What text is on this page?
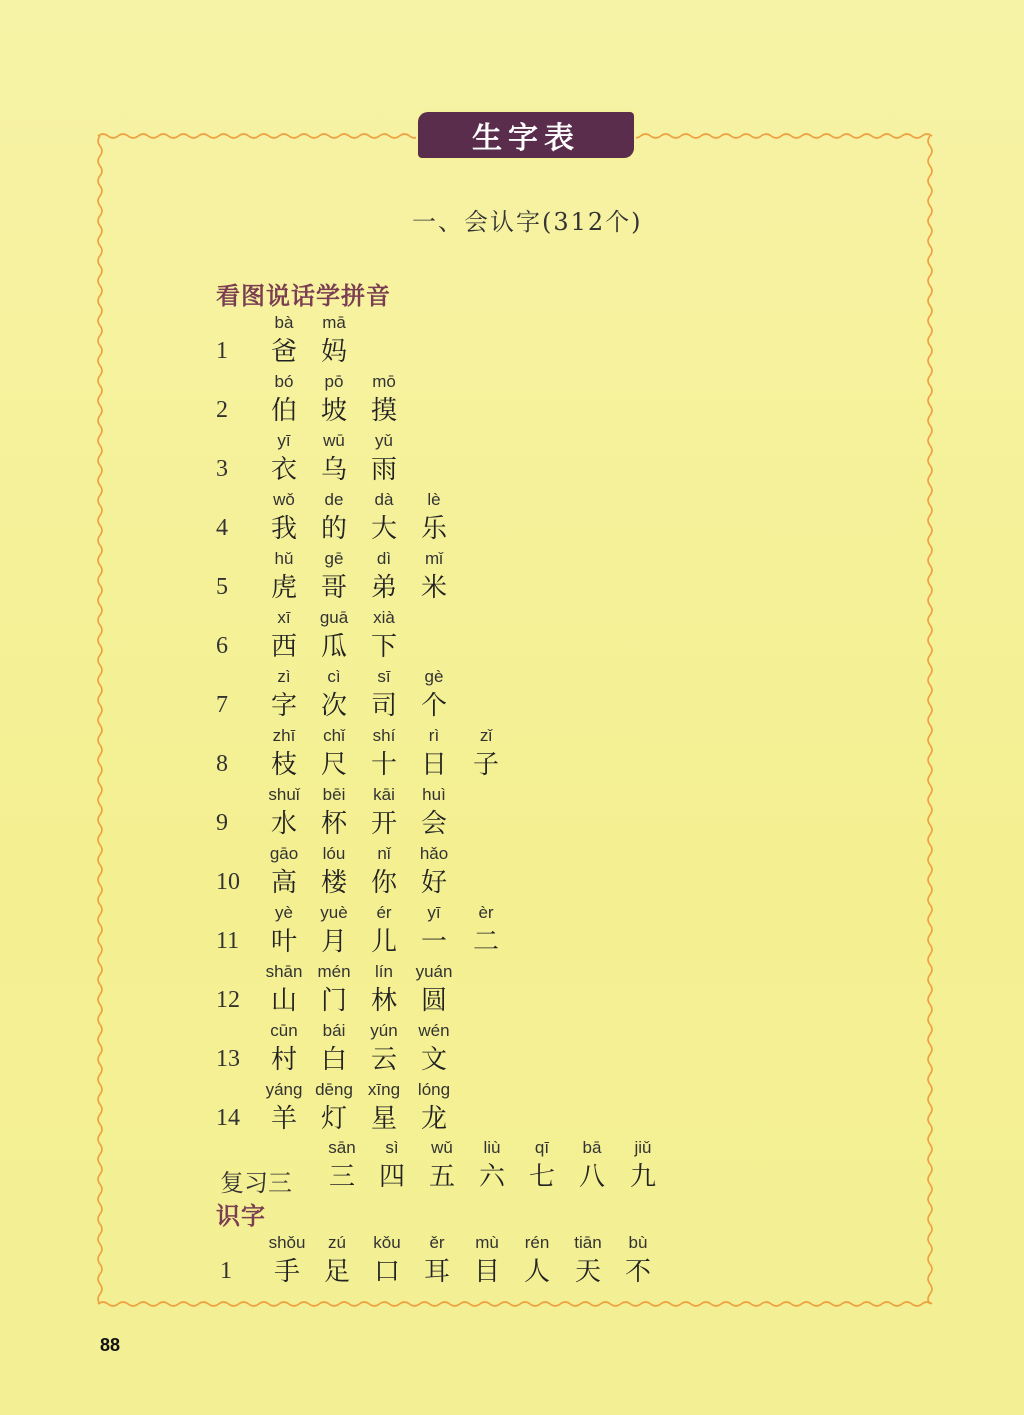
生字表
一、会认字(312个)
看图说话学拼音
1
bà
爸
mā
妈
2
bó
伯
pō
坡
mō
摸
3
yī
衣
wū
乌
yǔ
雨
4
wǒ
我
de
的
dà
大
lè
乐
5
hǔ
虎
gē
哥
dì
弟
mǐ
米
6
xī
西
guā
瓜
xià
下
7
zì
字
cì
次
sī
司
gè
个
8
zhī
枝
chǐ
尺
shí
十
rì
日
zǐ
子
9
shuǐ
水
bēi
杯
kāi
开
huì
会
10
gāo
高
lóu
楼
nǐ
你
hǎo
好
11
yè
叶
yuè
月
ér
儿
yī
一
èr
二
12
shān
山
mén
门
lín
林
yuán
圆
13
cūn
村
bái
白
yún
云
wén
文
14
yáng
羊
dēng
灯
xīng
星
lóng
龙
复习三
sān
三
sì
四
wǔ
五
liù
六
qī
七
bā
八
jiǔ
九
识字
1
shǒu
手
zú
足
kǒu
口
ěr
耳
mù
目
rén
人
tiān
天
bù
不
88
